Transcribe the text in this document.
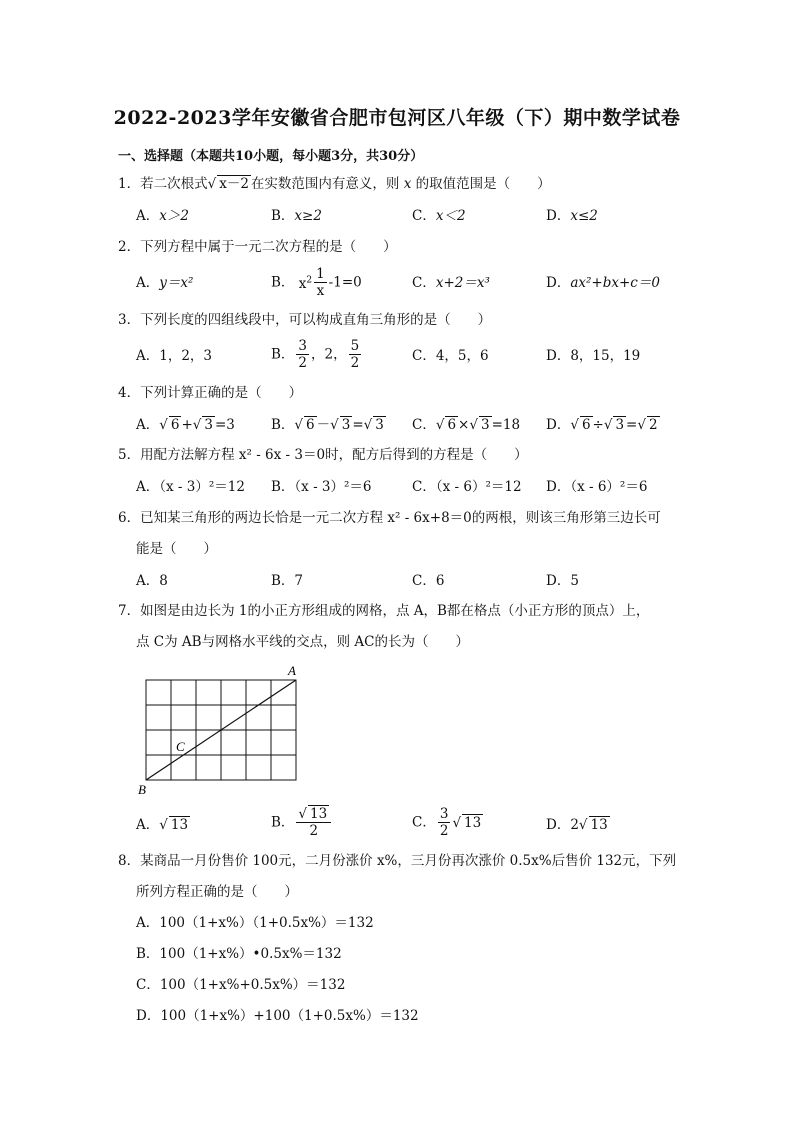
2022-2023学年安徽省合肥市包河区八年级（下）期中数学试卷
一、选择题（本题共10小题，每小题3分，共30分）
1．若二次根式√ x－2 在实数范围内有意义，则 x 的取值范围是（　　）
A．x＞2	B．x≥2	C．x＜2	D．x≤2
2．下列方程中属于一元二次方程的是（　　）
A．y＝x²	B． $x^2 \frac{1}{x} -1=0$	C．x+2＝x³	D．ax²+bx+c＝0
3．下列长度的四组线段中，可以构成直角三角形的是（　　）
A．1，2，3	B． $\frac{3}{2}$ ，2， $\frac{5}{2}$	C．4，5，6	D．8，15，19
4．下列计算正确的是（　　）
A．√ 6 +√ 3 =3	B．√ 6 －√ 3 =√ 3 C．√ 6 ×√ 3 =18 D．√ 6 ÷√ 3 =√ 2
5．用配方法解方程 x² - 6x - 3＝0时，配方后得到的方程是（　　）
A．（x - 3）²＝12 B．（x - 3）²＝6	C．（x - 6）²＝12 D．（x - 6）²＝6
6．已知某三角形的两边长恰是一元二次方程 x² - 6x+8＝0的两根，则该三角形第三边长可
能是（　　）
A．8	B．7	C．6	D．5
7．如图是由边长为 1的小正方形组成的网格，点 A，B都在格点（小正方形的顶点）上，
点 C为 AB与网格水平线的交点，则 AC的长为（　　）
A
B
C
A．√ 13	B． $\frac{√ 13}{2}$	C． $\frac{3}{2}$ √ 13	D．2√ 13
8．某商品一月份售价 100元，二月份涨价 x%，三月份再次涨价 0.5x%后售价 132元，下列
所列方程正确的是（　　）
A．100（1+x%）（1+0.5x%）＝132
B．100（1+x%）•0.5x%＝132
C．100（1+x%+0.5x%）＝132
D．100（1+x%）+100（1+0.5x%）＝132
